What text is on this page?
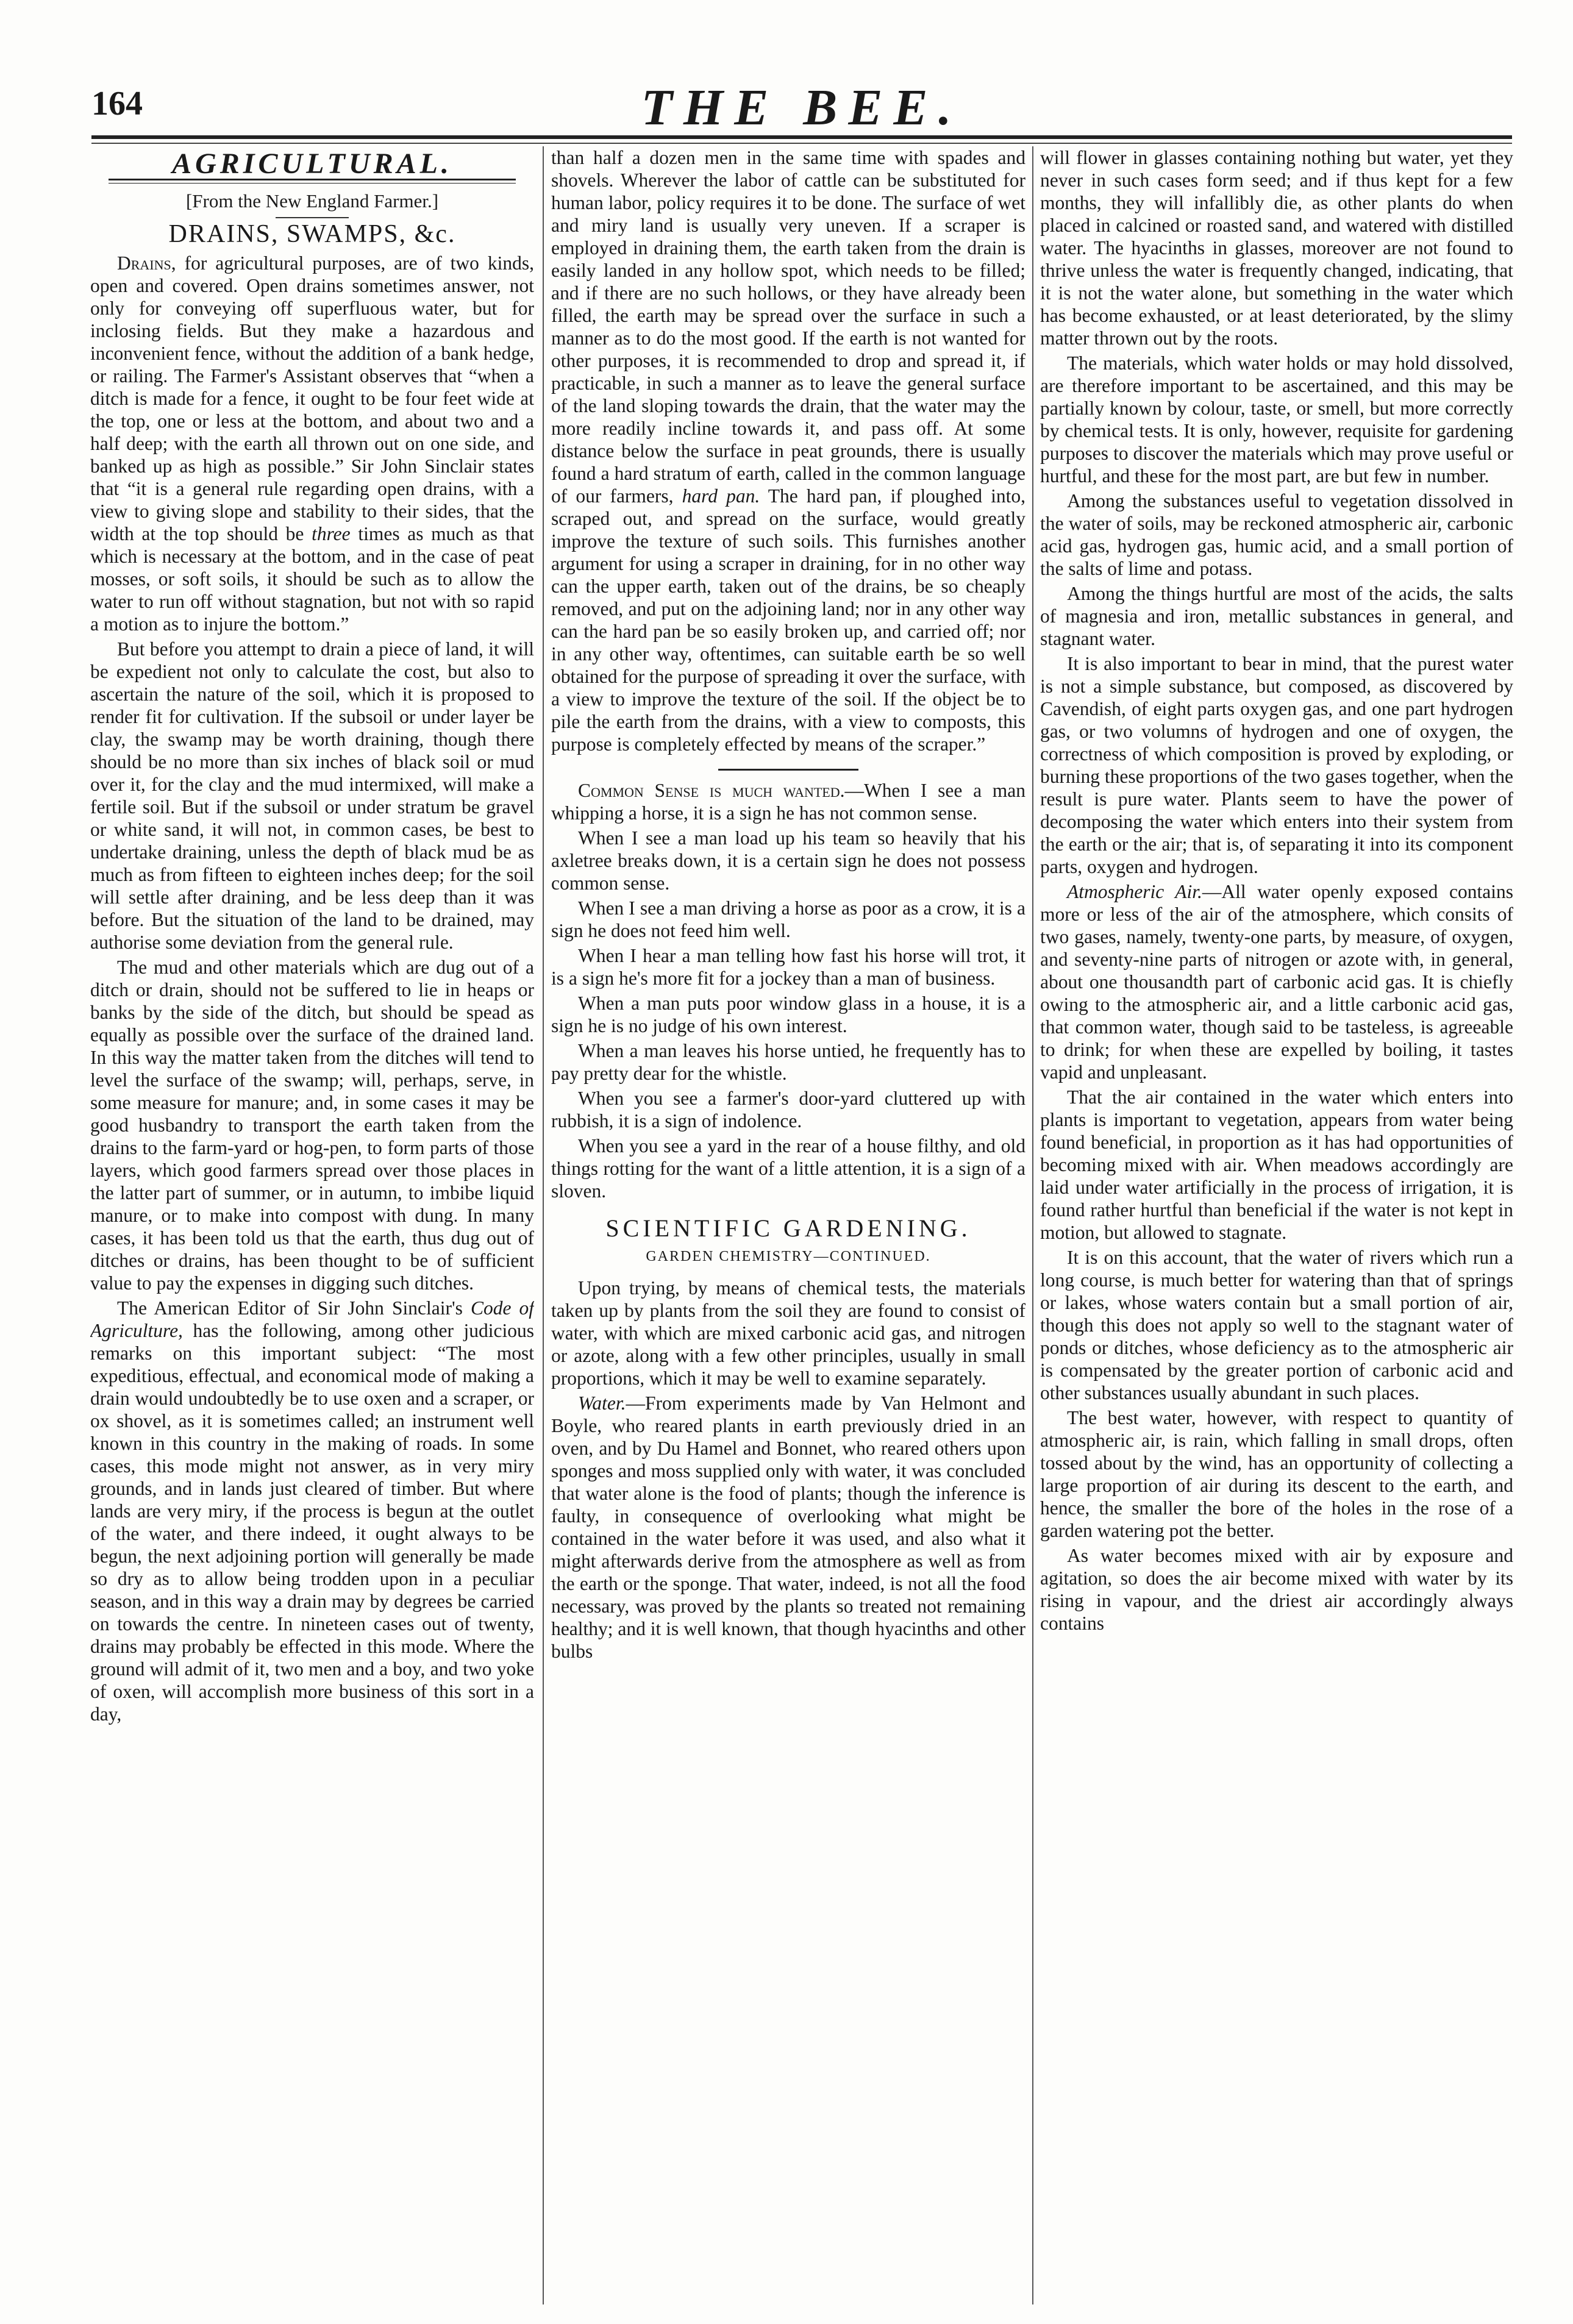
164	THE BEE.
AGRICULTURAL.

[From the New England Farmer.]

DRAINS, SWAMPS, &c.

Drains, for agricultural purposes, are of two kinds, open and covered. Open drains sometimes answer, not only for conveying off superfluous water, but for inclosing fields. But they make a hazardous and inconvenient fence, without the addition of a bank hedge, or railing. The Farmer's Assistant observes that “when a ditch is made for a fence, it ought to be four feet wide at the top, one or less at the bottom, and about two and a half deep; with the earth all thrown out on one side, and banked up as high as possible.” Sir John Sinclair states that “it is a general rule regarding open drains, with a view to giving slope and stability to their sides, that the width at the top should be three times as much as that which is necessary at the bottom, and in the case of peat mosses, or soft soils, it should be such as to allow the water to run off without stagnation, but not with so rapid a motion as to injure the bottom.”

But before you attempt to drain a piece of land, it will be expedient not only to calculate the cost, but also to ascertain the nature of the soil, which it is proposed to render fit for cultivation. If the subsoil or under layer be clay, the swamp may be worth draining, though there should be no more than six inches of black soil or mud over it, for the clay and the mud intermixed, will make a fertile soil. But if the subsoil or under stratum be gravel or white sand, it will not, in common cases, be best to undertake draining, unless the depth of black mud be as much as from fifteen to eighteen inches deep; for the soil will settle after draining, and be less deep than it was before. But the situation of the land to be drained, may authorise some deviation from the general rule.

The mud and other materials which are dug out of a ditch or drain, should not be suffered to lie in heaps or banks by the side of the ditch, but should be spead as equally as possible over the surface of the drained land. In this way the matter taken from the ditches will tend to level the surface of the swamp; will, perhaps, serve, in some measure for manure; and, in some cases it may be good husbandry to transport the earth taken from the drains to the farm-yard or hog-pen, to form parts of those layers, which good farmers spread over those places in the latter part of summer, or in autumn, to imbibe liquid manure, or to make into compost with dung. In many cases, it has been told us that the earth, thus dug out of ditches or drains, has been thought to be of sufficient value to pay the expenses in digging such ditches.

The American Editor of Sir John Sinclair's Code of Agriculture, has the following, among other judicious remarks on this important subject: “The most expeditious, effectual, and economical mode of making a drain would undoubtedly be to use oxen and a scraper, or ox shovel, as it is sometimes called; an instrument well known in this country in the making of roads. In some cases, this mode might not answer, as in very miry grounds, and in lands just cleared of timber. But where lands are very miry, if the process is begun at the outlet of the water, and there indeed, it ought always to be begun, the next adjoining portion will generally be made so dry as to allow being trodden upon in a peculiar season, and in this way a drain may by degrees be carried on towards the centre. In nineteen cases out of twenty, drains may probably be effected in this mode. Where the ground will admit of it, two men and a boy, and two yoke of oxen, will accomplish more business of this sort in a day,

than half a dozen men in the same time with spades and shovels. Wherever the labor of cattle can be substituted for human labor, policy requires it to be done. The surface of wet and miry land is usually very uneven. If a scraper is employed in draining them, the earth taken from the drain is easily landed in any hollow spot, which needs to be filled; and if there are no such hollows, or they have already been filled, the earth may be spread over the surface in such a manner as to do the most good. If the earth is not wanted for other purposes, it is recommended to drop and spread it, if practicable, in such a manner as to leave the general surface of the land sloping towards the drain, that the water may the more readily incline towards it, and pass off. At some distance below the surface in peat grounds, there is usually found a hard stratum of earth, called in the common language of our farmers, hard pan. The hard pan, if ploughed into, scraped out, and spread on the surface, would greatly improve the texture of such soils. This furnishes another argument for using a scraper in draining, for in no other way can the upper earth, taken out of the drains, be so cheaply removed, and put on the adjoining land; nor in any other way can the hard pan be so easily broken up, and carried off; nor in any other way, oftentimes, can suitable earth be so well obtained for the purpose of spreading it over the surface, with a view to improve the texture of the soil. If the object be to pile the earth from the drains, with a view to composts, this purpose is completely effected by means of the scraper.”

Common Sense is much wanted.—When I see a man whipping a horse, it is a sign he has not common sense.

When I see a man load up his team so heavily that his axletree breaks down, it is a certain sign he does not possess common sense.

When I see a man driving a horse as poor as a crow, it is a sign he does not feed him well.

When I hear a man telling how fast his horse will trot, it is a sign he's more fit for a jockey than a man of business.

When a man puts poor window glass in a house, it is a sign he is no judge of his own interest.

When a man leaves his horse untied, he frequently has to pay pretty dear for the whistle.

When you see a farmer's door-yard cluttered up with rubbish, it is a sign of indolence.

When you see a yard in the rear of a house filthy, and old things rotting for the want of a little attention, it is a sign of a sloven.

SCIENTIFIC GARDENING.

GARDEN CHEMISTRY—CONTINUED.

Upon trying, by means of chemical tests, the materials taken up by plants from the soil they are found to consist of water, with which are mixed carbonic acid gas, and nitrogen or azote, along with a few other principles, usually in small proportions, which it may be well to examine separately.

Water.—From experiments made by Van Helmont and Boyle, who reared plants in earth previously dried in an oven, and by Du Hamel and Bonnet, who reared others upon sponges and moss supplied only with water, it was concluded that water alone is the food of plants; though the inference is faulty, in consequence of overlooking what might be contained in the water before it was used, and also what it might afterwards derive from the atmosphere as well as from the earth or the sponge. That water, indeed, is not all the food necessary, was proved by the plants so treated not remaining healthy; and it is well known, that though hyacinths and other bulbs

will flower in glasses containing nothing but water, yet they never in such cases form seed; and if thus kept for a few months, they will infallibly die, as other plants do when placed in calcined or roasted sand, and watered with distilled water. The hyacinths in glasses, moreover are not found to thrive unless the water is frequently changed, indicating, that it is not the water alone, but something in the water which has become exhausted, or at least deteriorated, by the slimy matter thrown out by the roots.

The materials, which water holds or may hold dissolved, are therefore important to be ascertained, and this may be partially known by colour, taste, or smell, but more correctly by chemical tests. It is only, however, requisite for gardening purposes to discover the materials which may prove useful or hurtful, and these for the most part, are but few in number.

Among the substances useful to vegetation dissolved in the water of soils, may be reckoned atmospheric air, carbonic acid gas, hydrogen gas, humic acid, and a small portion of the salts of lime and potass.

Among the things hurtful are most of the acids, the salts of magnesia and iron, metallic substances in general, and stagnant water.

It is also important to bear in mind, that the purest water is not a simple substance, but composed, as discovered by Cavendish, of eight parts oxygen gas, and one part hydrogen gas, or two volumns of hydrogen and one of oxygen, the correctness of which composition is proved by exploding, or burning these proportions of the two gases together, when the result is pure water. Plants seem to have the power of decomposing the water which enters into their system from the earth or the air; that is, of separating it into its component parts, oxygen and hydrogen.

Atmospheric Air.—All water openly exposed contains more or less of the air of the atmosphere, which consits of two gases, namely, twenty-one parts, by measure, of oxygen, and seventy-nine parts of nitrogen or azote with, in general, about one thousandth part of carbonic acid gas. It is chiefly owing to the atmospheric air, and a little carbonic acid gas, that common water, though said to be tasteless, is agreeable to drink; for when these are expelled by boiling, it tastes vapid and unpleasant.

That the air contained in the water which enters into plants is important to vegetation, appears from water being found beneficial, in proportion as it has had opportunities of becoming mixed with air. When meadows accordingly are laid under water artificially in the process of irrigation, it is found rather hurtful than beneficial if the water is not kept in motion, but allowed to stagnate.

It is on this account, that the water of rivers which run a long course, is much better for watering than that of springs or lakes, whose waters contain but a small portion of air, though this does not apply so well to the stagnant water of ponds or ditches, whose deficiency as to the atmospheric air is compensated by the greater portion of carbonic acid and other substances usually abundant in such places.

The best water, however, with respect to quantity of atmospheric air, is rain, which falling in small drops, often tossed about by the wind, has an opportunity of collecting a large proportion of air during its descent to the earth, and hence, the smaller the bore of the holes in the rose of a garden watering pot the better.

As water becomes mixed with air by exposure and agitation, so does the air become mixed with water by its rising in vapour, and the driest air accordingly always contains
